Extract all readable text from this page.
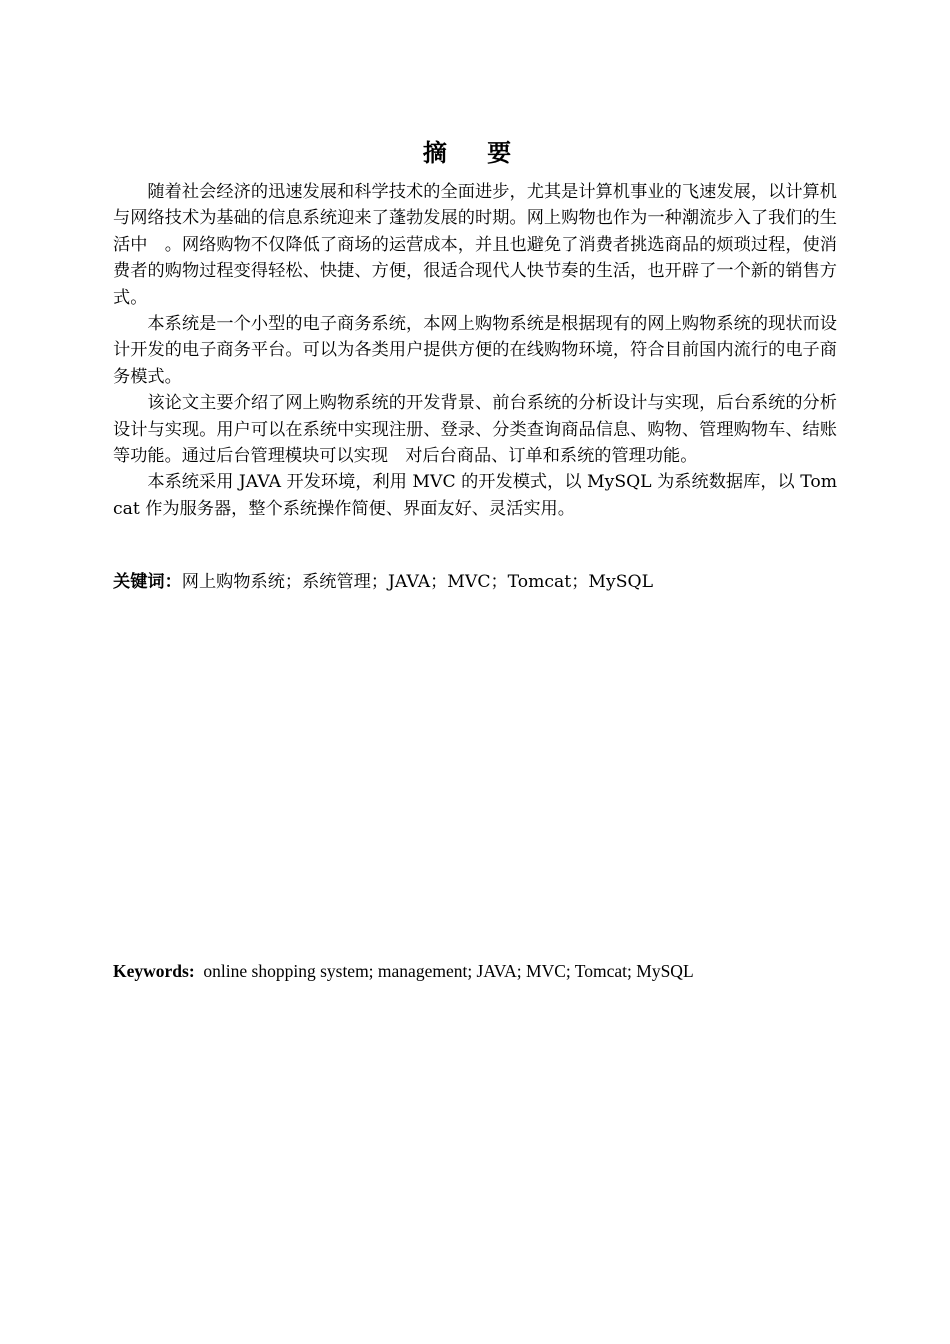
摘 要

随着社会经济的迅速发展和科学技术的全面进步，尤其是计算机事业的飞速发展，以计算机与网络技术为基础的信息系统迎来了蓬勃发展的时期。网上购物也作为一种潮流步入了我们的生活中　。网络购物不仅降低了商场的运营成本，并且也避免了消费者挑选商品的烦琐过程，使消费者的购物过程变得轻松、快捷、方便，很适合现代人快节奏的生活，也开辟了一个新的销售方式。

本系统是一个小型的电子商务系统，本网上购物系统是根据现有的网上购物系统的现状而设计开发的电子商务平台。可以为各类用户提供方便的在线购物环境，符合目前国内流行的电子商务模式。

该论文主要介绍了网上购物系统的开发背景、前台系统的分析设计与实现，后台系统的分析设计与实现。用户可以在系统中实现注册、登录、分类查询商品信息、购物、管理购物车、结账等功能。通过后台管理模块可以实现　对后台商品、订单和系统的管理功能。

本系统采用 JAVA 开发环境，利用 MVC 的开发模式，以 MySQL 为系统数据库，以 Tomcat 作为服务器，整个系统操作简便、界面友好、灵活实用。

关键词：网上购物系统；系统管理；JAVA；MVC；Tomcat；MySQL
Keywords: online shopping system; management; JAVA; MVC; Tomcat; MySQL
